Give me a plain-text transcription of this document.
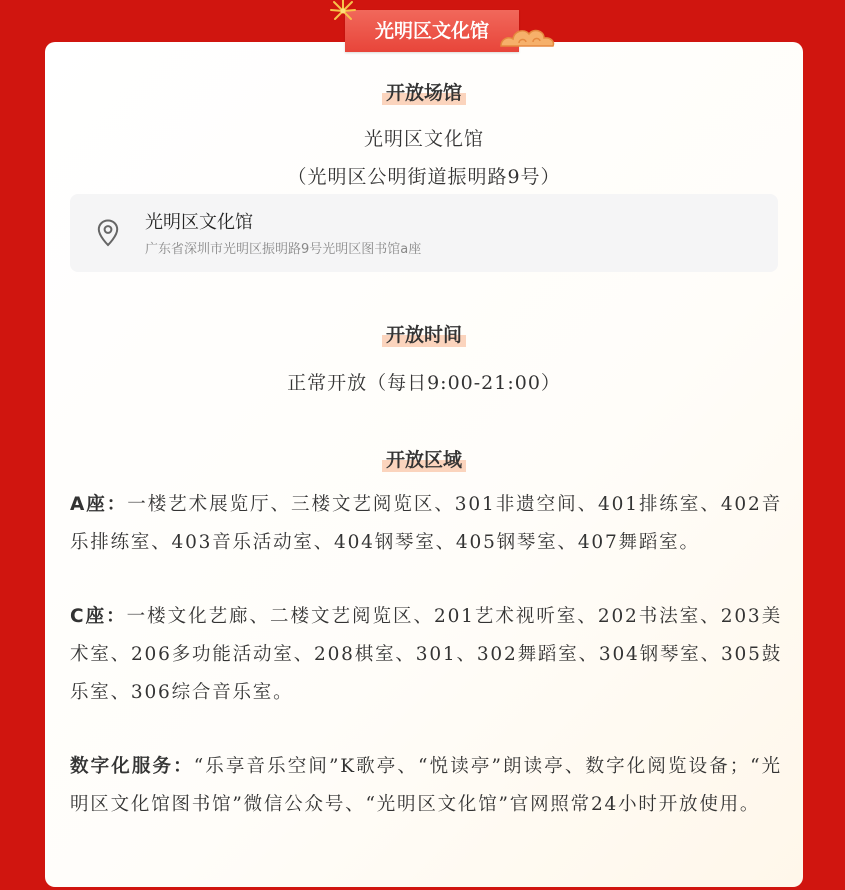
开放场馆
光明区文化馆
（光明区公明街道振明路9号）
光明区文化馆
广东省深圳市光明区振明路9号光明区图书馆a座
开放时间
正常开放（每日9:00-21:00）
开放区域
A座：一楼艺术展览厅、三楼文艺阅览区、301非遗空间、401排练室、402音乐排练室、403音乐活动室、404钢琴室、405钢琴室、407舞蹈室。
C座：一楼文化艺廊、二楼文艺阅览区、201艺术视听室、202书法室、203美术室、206多功能活动室、208棋室、301、302舞蹈室、304钢琴室、305鼓乐室、306综合音乐室。
数字化服务：“乐享音乐空间”K歌亭、“悦读亭”朗读亭、数字化阅览设备；“光明区文化馆图书馆”微信公众号、“光明区文化馆”官网照常24小时开放使用。
光明区文化馆
